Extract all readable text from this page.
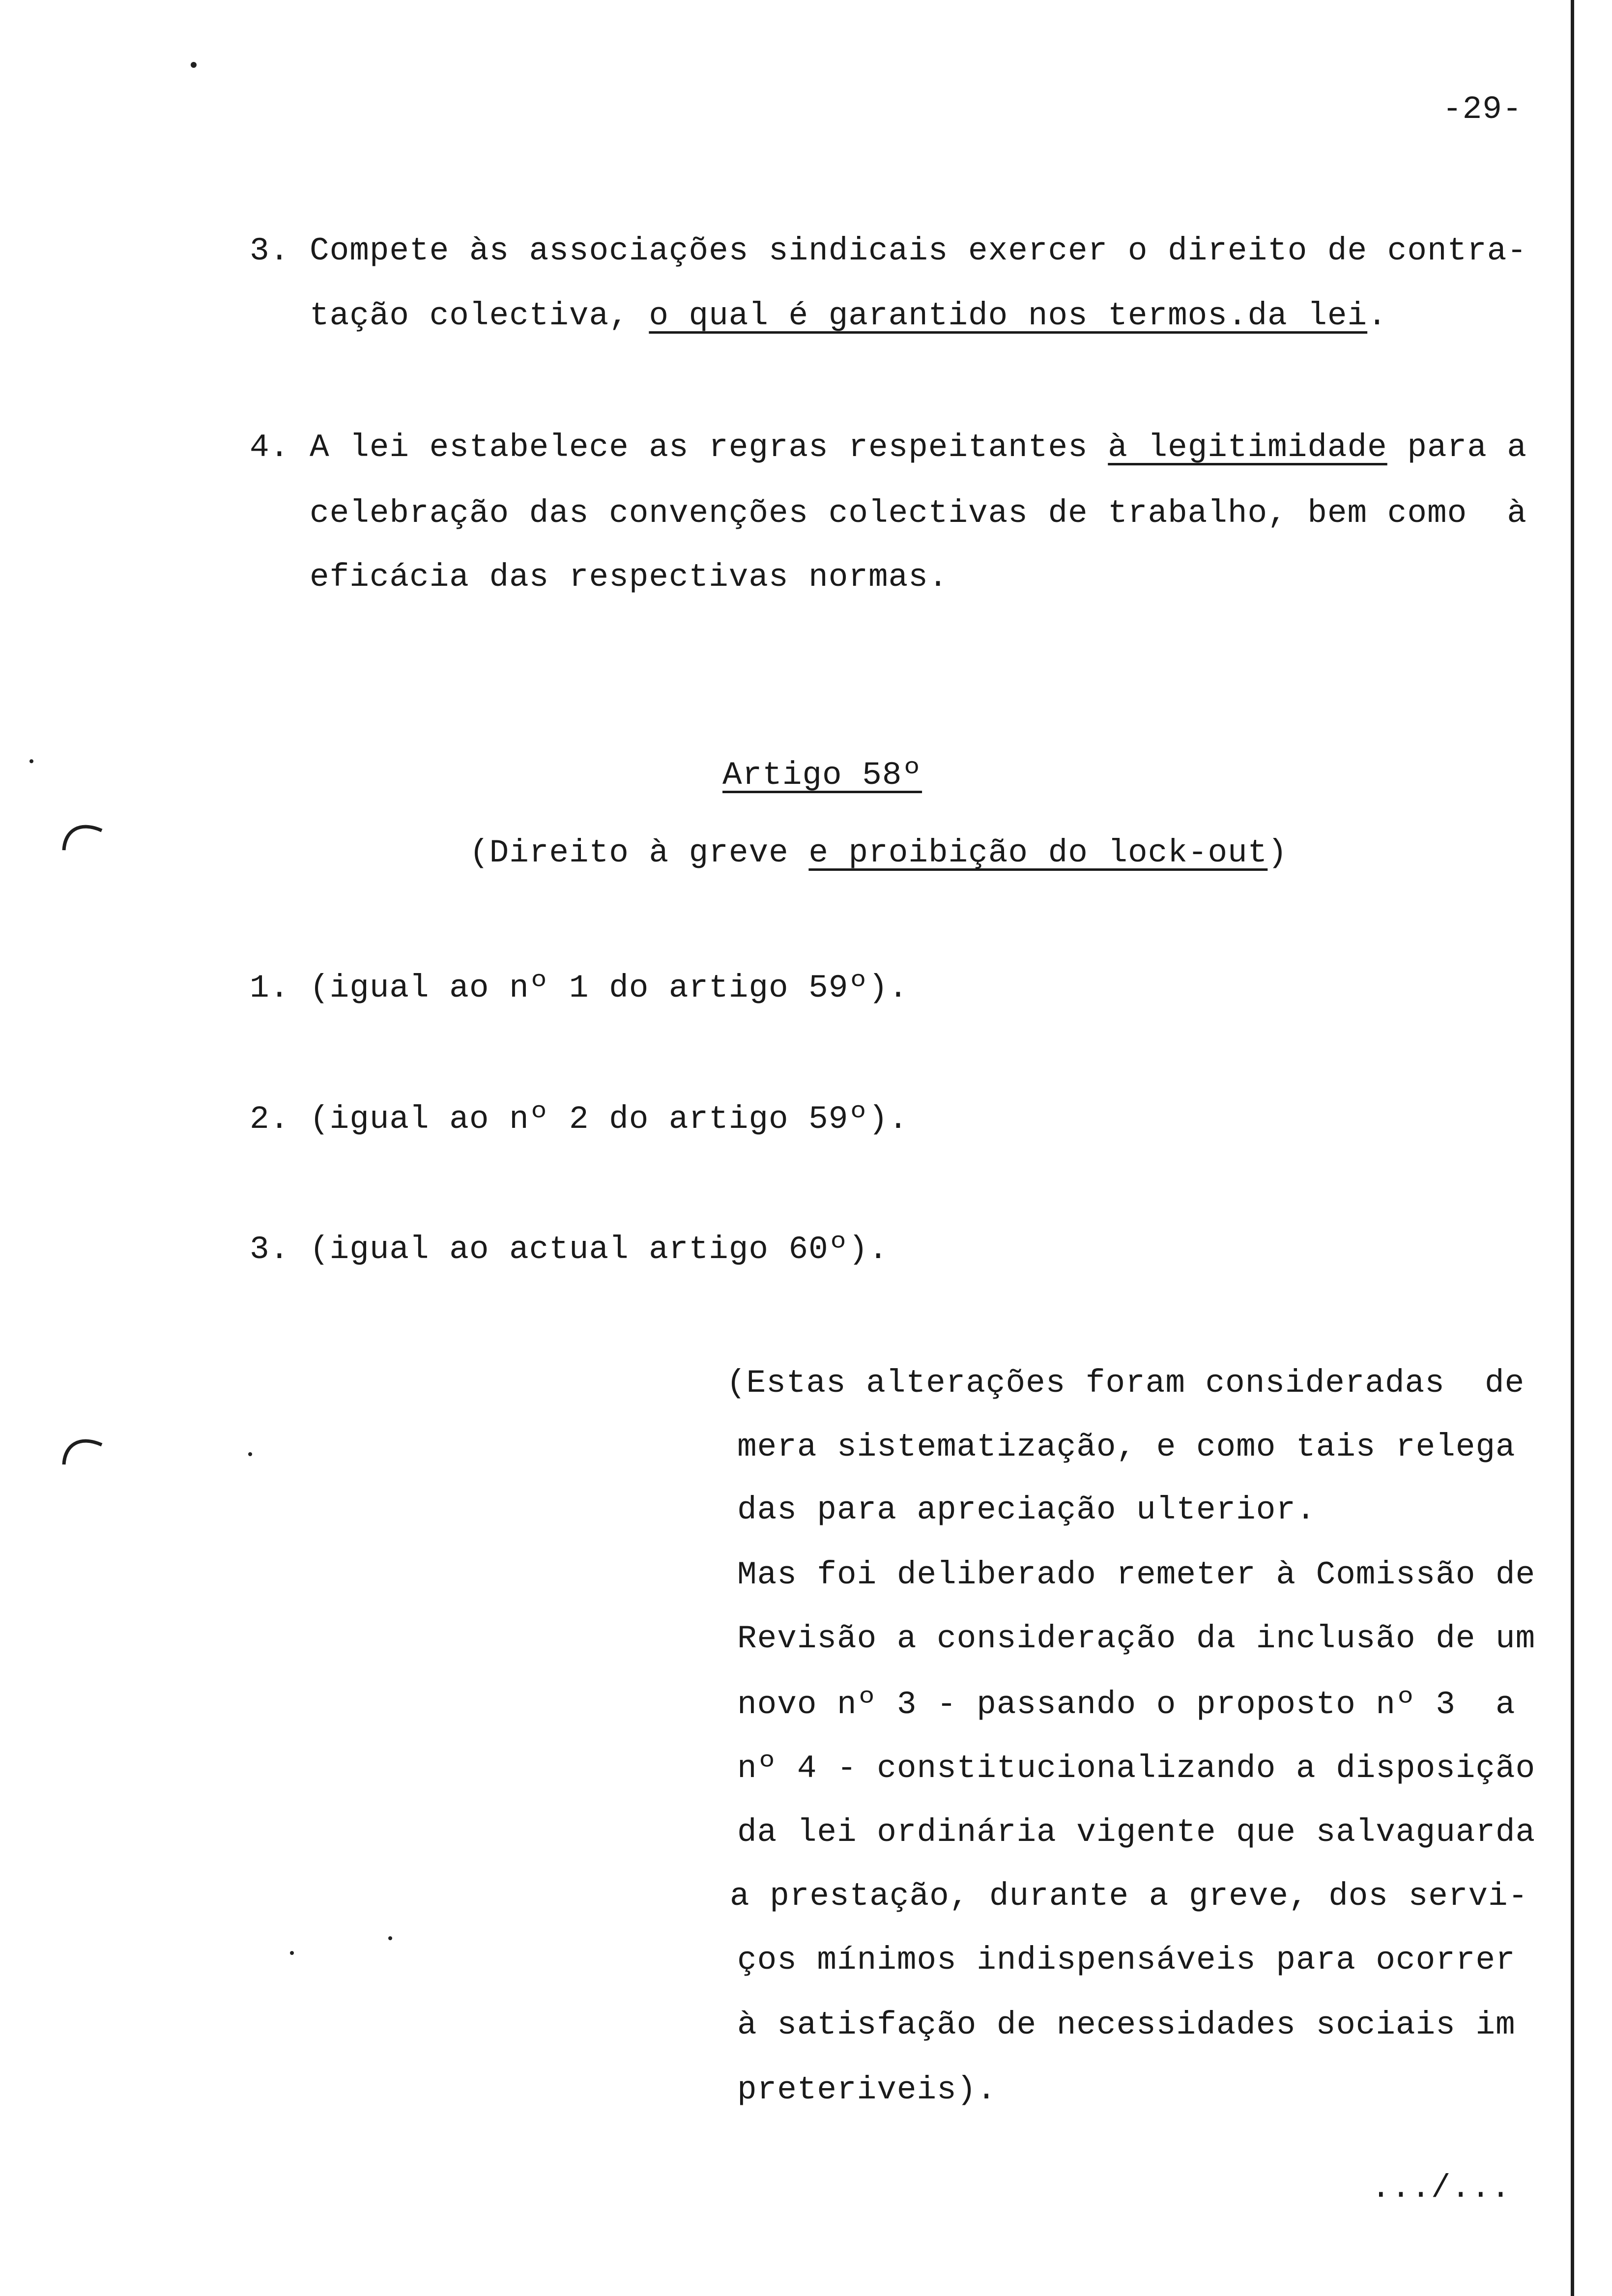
-29-
3. Compete às associações sindicais exercer o direito de contra-
tação colectiva, o qual é garantido nos termos.da lei.
4. A lei estabelece as regras respeitantes à legitimidade para a
celebração das convenções colectivas de trabalho, bem como  à
eficácia das respectivas normas.
Artigo 58º
(Direito à greve e proibição do lock-out)
1. (igual ao nº 1 do artigo 59º).
2. (igual ao nº 2 do artigo 59º).
3. (igual ao actual artigo 60º).
(Estas alterações foram consideradas  de
mera sistematização, e como tais relega
das para apreciação ulterior.
Mas foi deliberado remeter à Comissão de
Revisão a consideração da inclusão de um
novo nº 3 - passando o proposto nº 3  a
nº 4 - constitucionalizando a disposição
da lei ordinária vigente que salvaguarda
a prestação, durante a greve, dos servi-
ços mínimos indispensáveis para ocorrer
à satisfação de necessidades sociais im
preteriveis).
.../...
